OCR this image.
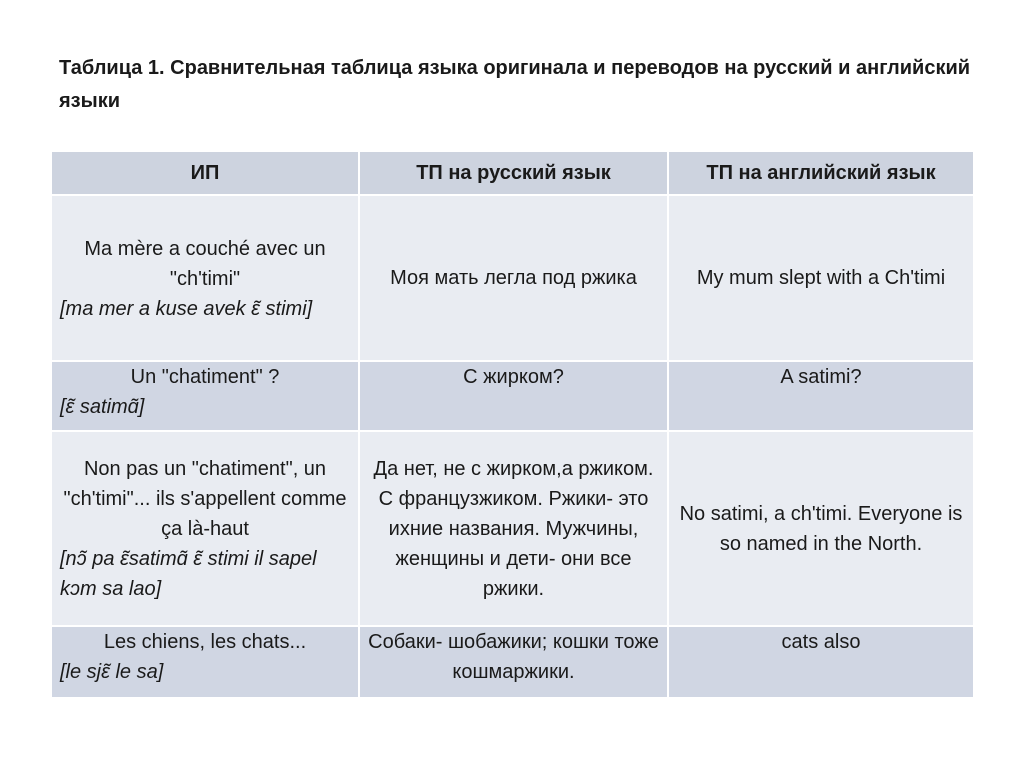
Таблица 1. Сравнительная таблица языка оригинала и переводов на русский и английский языки
ИП	ТП на русский язык	ТП на английский язык

Ma mère a couché avec un "ch'timi"
[ma mer a kuse avek ɛ̃ stimi]	Моя мать легла под ржика	My mum slept with a Ch'timi

Un "chatiment" ?
[ɛ̃ satimɑ̃]	С жирком?	A satimi?

Non pas un "chatiment", un "ch'timi"... ils s'appellent comme ça là-haut
[nɔ̃ pa ɛ̃satimɑ̃ ɛ̃ stimi il sapel kɔm sa lao]	Да нет, не с жирком,а ржиком. С французжиком. Ржики- это ихние названия. Мужчины, женщины и дети- они все ржики.	No satimi, a ch'timi. Everyone is so named in the North.

Les chiens, les chats...
[le sjɛ̃ le sa]	Собаки- шобажики; кошки тоже кошмаржики.	cats also
